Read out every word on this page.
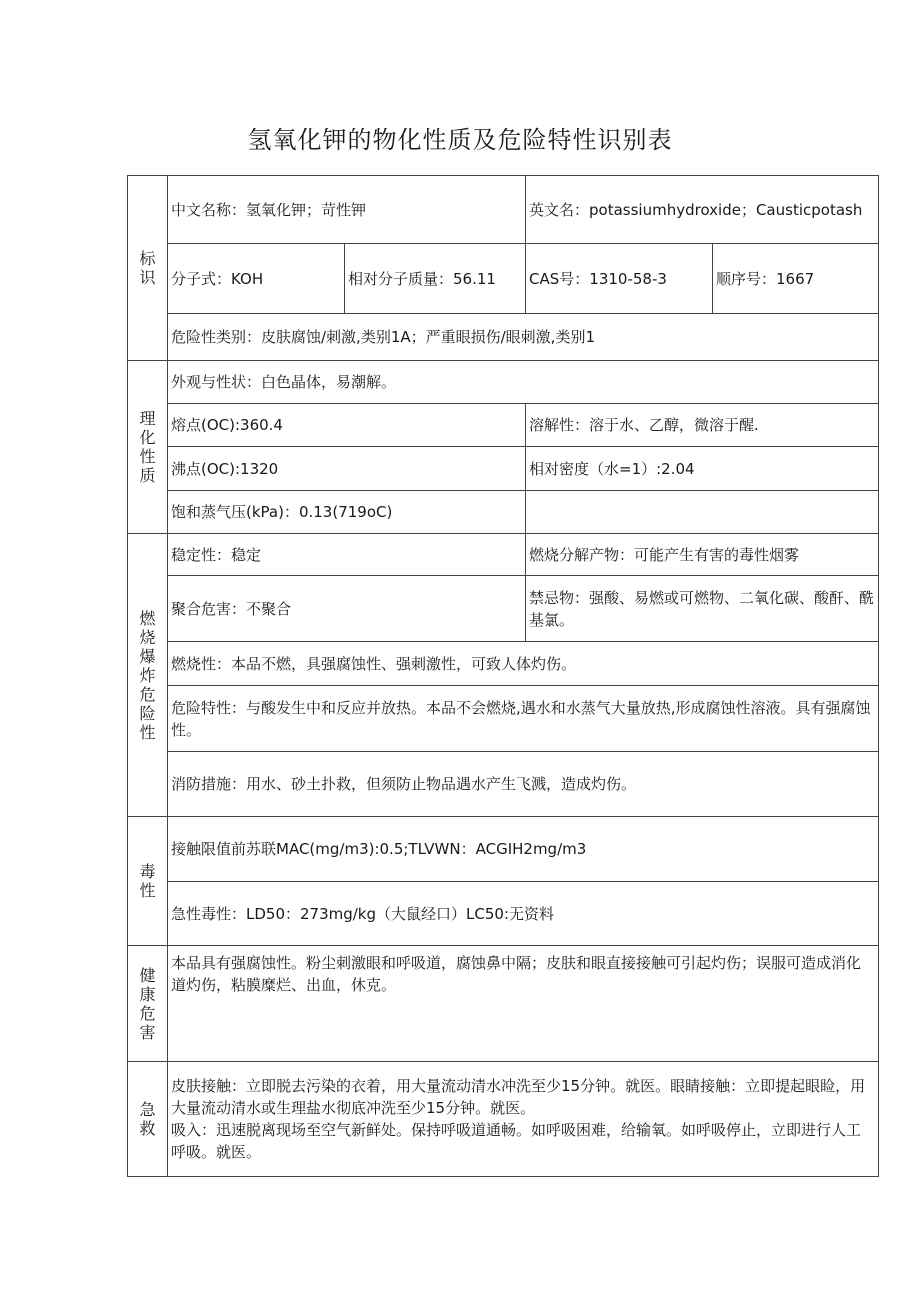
氢氧化钾的物化性质及危险特性识别表
标识	中文名称：氢氧化钾；苛性钾		英文名：potassiumhydroxide；Causticpotash	
	分子式：KOH	相对分子质量：56.11	CAS号：1310-58-3	顺序号：1667
	危险性类别：皮肤腐蚀/刺激,类别1A；严重眼损伤/眼刺激,类别1			
理化性质	外观与性状：白色晶体，易潮解。			
	熔点(OC):360.4		溶解性：溶于水、乙醇，微溶于醒.	
	沸点(OC):1320		相对密度（水=1）:2.04	
	饱和蒸气压(kPa)：0.13(719oC)			
燃烧爆炸危险性	稳定性：稳定		燃烧分解产物：可能产生有害的毒性烟雾	
	聚合危害：不聚合		禁忌物：强酸、易燃或可燃物、二氧化碳、酸酐、酰基氯。	
	燃烧性：本品不燃，具强腐蚀性、强刺激性，可致人体灼伤。			
	危险特性：与酸发生中和反应并放热。本品不会燃烧,遇水和水蒸气大量放热,形成腐蚀性溶液。具有强腐蚀性。			
	消防措施：用水、砂土扑救，但须防止物品遇水产生飞溅，造成灼伤。			
毒性	接触限值前苏联MAC(mg∕m3):0.5;TLVWN：ACGIH2mg∕m3			
	急性毒性：LD50：273mg∕kg（大鼠经口）LC50:无资料			
健康危害	本品具有强腐蚀性。粉尘刺激眼和呼吸道，腐蚀鼻中隔；皮肤和眼直接接触可引起灼伤；误服可造成消化道灼伤，粘膜糜烂、出血，休克。			
急救	皮肤接触：立即脱去污染的衣着，用大量流动清水冲洗至少15分钟。就医。眼睛接触：立即提起眼睑，用大量流动清水或生理盐水彻底冲洗至少15分钟。就医。
吸入：迅速脱离现场至空气新鲜处。保持呼吸道通畅。如呼吸困难，给输氧。如呼吸停止，立即进行人工呼吸。就医。			
